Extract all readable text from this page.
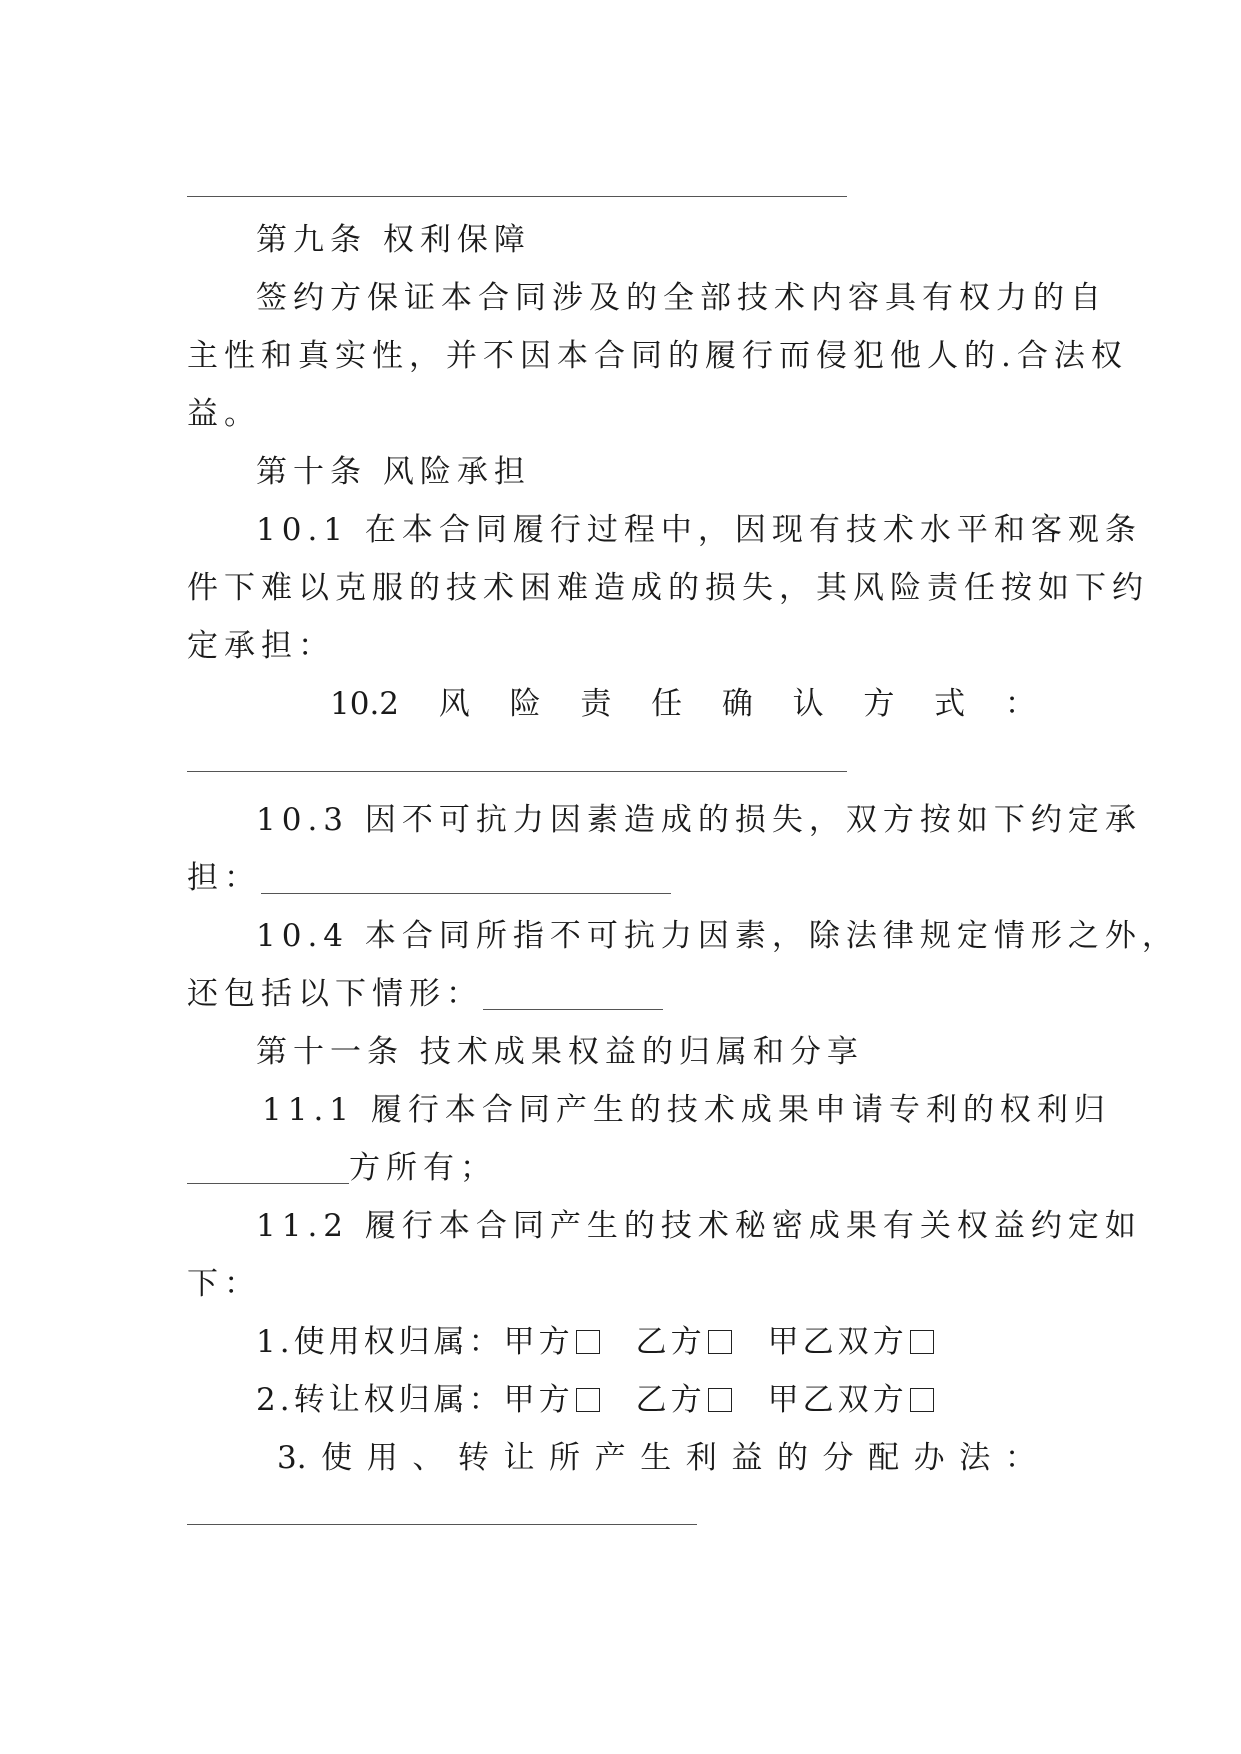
第九条 权利保障
签约方保证本合同涉及的全部技术内容具有权力的自
主性和真实性，并不因本合同的履行而侵犯他人的.合法权
益。
第十条 风险承担
10.1 在本合同履行过程中，因现有技术水平和客观条
件下难以克服的技术困难造成的损失，其风险责任按如下约
定承担：
10.2 风 险 责 任 确 认 方 式 ：
10.3 因不可抗力因素造成的损失，双方按如下约定承
担：
10.4 本合同所指不可抗力因素，除法律规定情形之外，
还包括以下情形：
第十一条 技术成果权益的归属和分享
11.1 履行本合同产生的技术成果申请专利的权利归
方所有；
11.2 履行本合同产生的技术秘密成果有关权益约定如
下：
1.使用权归属：甲方 乙方 甲乙双方
2.转让权归属：甲方 乙方 甲乙双方
3. 使 用 、 转 让 所 产 生 利 益 的 分 配 办 法 ：
